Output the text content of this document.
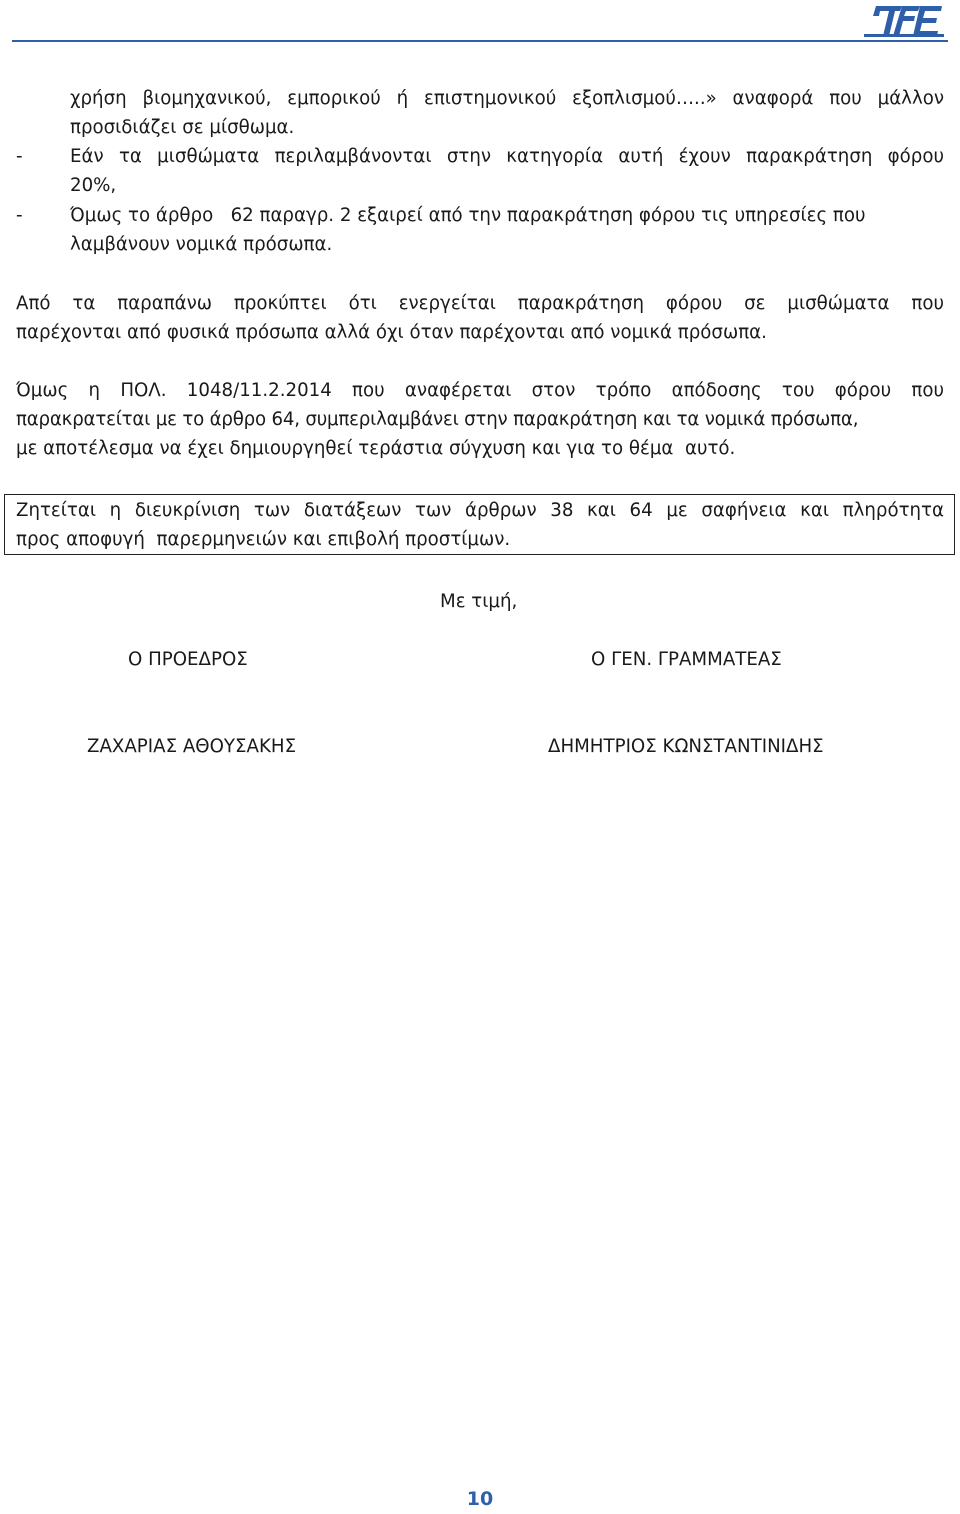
χρήση βιομηχανικού, εμπορικού ή επιστημονικού εξοπλισμού…..» αναφορά που μάλλον
προσιδιάζει σε μίσθωμα.
-	Εάν τα μισθώματα περιλαμβάνονται στην κατηγορία αυτή έχουν παρακράτηση φόρου
20%,
-	Όμως το άρθρο   62 παραγρ. 2 εξαιρεί από την παρακράτηση φόρου τις υπηρεσίες που
λαμβάνουν νομικά πρόσωπα.
Από τα παραπάνω προκύπτει ότι ενεργείται παρακράτηση φόρου σε μισθώματα που
παρέχονται από φυσικά πρόσωπα αλλά όχι όταν παρέχονται από νομικά πρόσωπα.
Όμως η ΠΟΛ. 1048/11.2.2014 που αναφέρεται στον τρόπο απόδοσης του φόρου που
παρακρατείται με το άρθρο 64, συμπεριλαμβάνει στην παρακράτηση και τα νομικά πρόσωπα,
με αποτέλεσμα να έχει δημιουργηθεί τεράστια σύγχυση και για το θέμα  αυτό.
Ζητείται η διευκρίνιση των διατάξεων των άρθρων 38 και 64 με σαφήνεια και πληρότητα
προς αποφυγή  παρερμηνειών και επιβολή προστίμων.
Με τιμή,
Ο ΠΡΟΕΔΡΟΣ	Ο ΓΕΝ. ΓΡΑΜΜΑΤΕΑΣ
ΖΑΧΑΡΙΑΣ ΑΘΟΥΣΑΚΗΣ	ΔΗΜΗΤΡΙΟΣ ΚΩΝΣΤΑΝΤΙΝΙΔΗΣ
10
